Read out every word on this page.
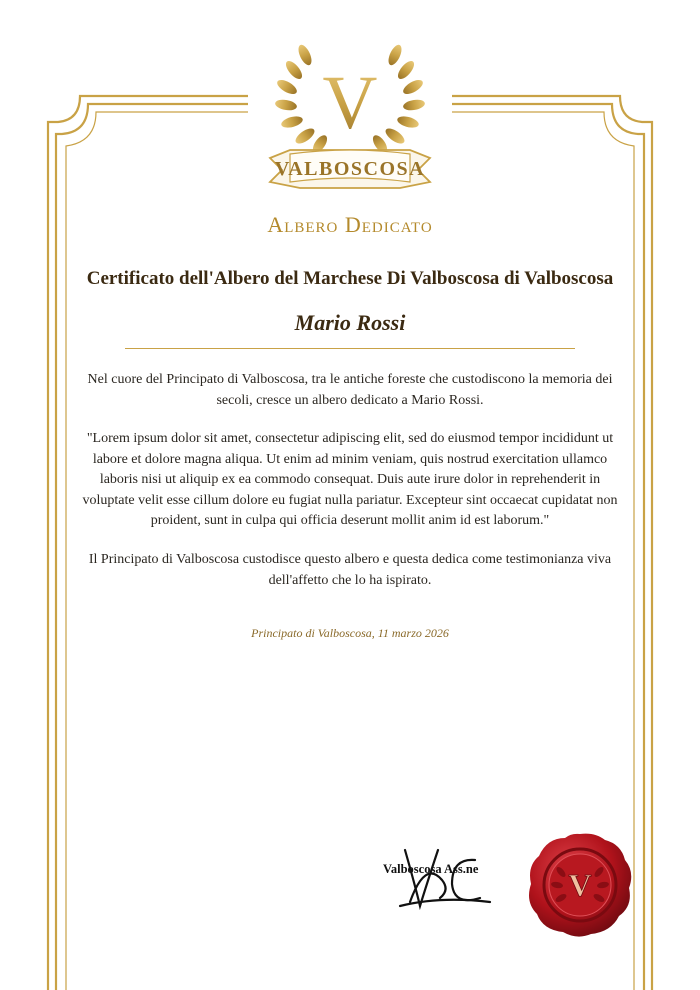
V
VALBOSCOSA
Albero Dedicato
Certificato dell'Albero del Marchese Di Valboscosa di Valboscosa
Mario Rossi

Nel cuore del Principato di Valboscosa, tra le antiche foreste che custodiscono la memoria dei secoli, cresce un albero dedicato a Mario Rossi.

"Lorem ipsum dolor sit amet, consectetur adipiscing elit, sed do eiusmod tempor incididunt ut labore et dolore magna aliqua. Ut enim ad minim veniam, quis nostrud exercitation ullamco laboris nisi ut aliquip ex ea commodo consequat. Duis aute irure dolor in reprehenderit in voluptate velit esse cillum dolore eu fugiat nulla pariatur. Excepteur sint occaecat cupidatat non proident, sunt in culpa qui officia deserunt mollit anim id est laborum."

Il Principato di Valboscosa custodisce questo albero e questa dedica come testimonianza viva dell'affetto che lo ha ispirato.

Principato di Valboscosa, 11 marzo 2026
Valboscosa Ass.ne	V
